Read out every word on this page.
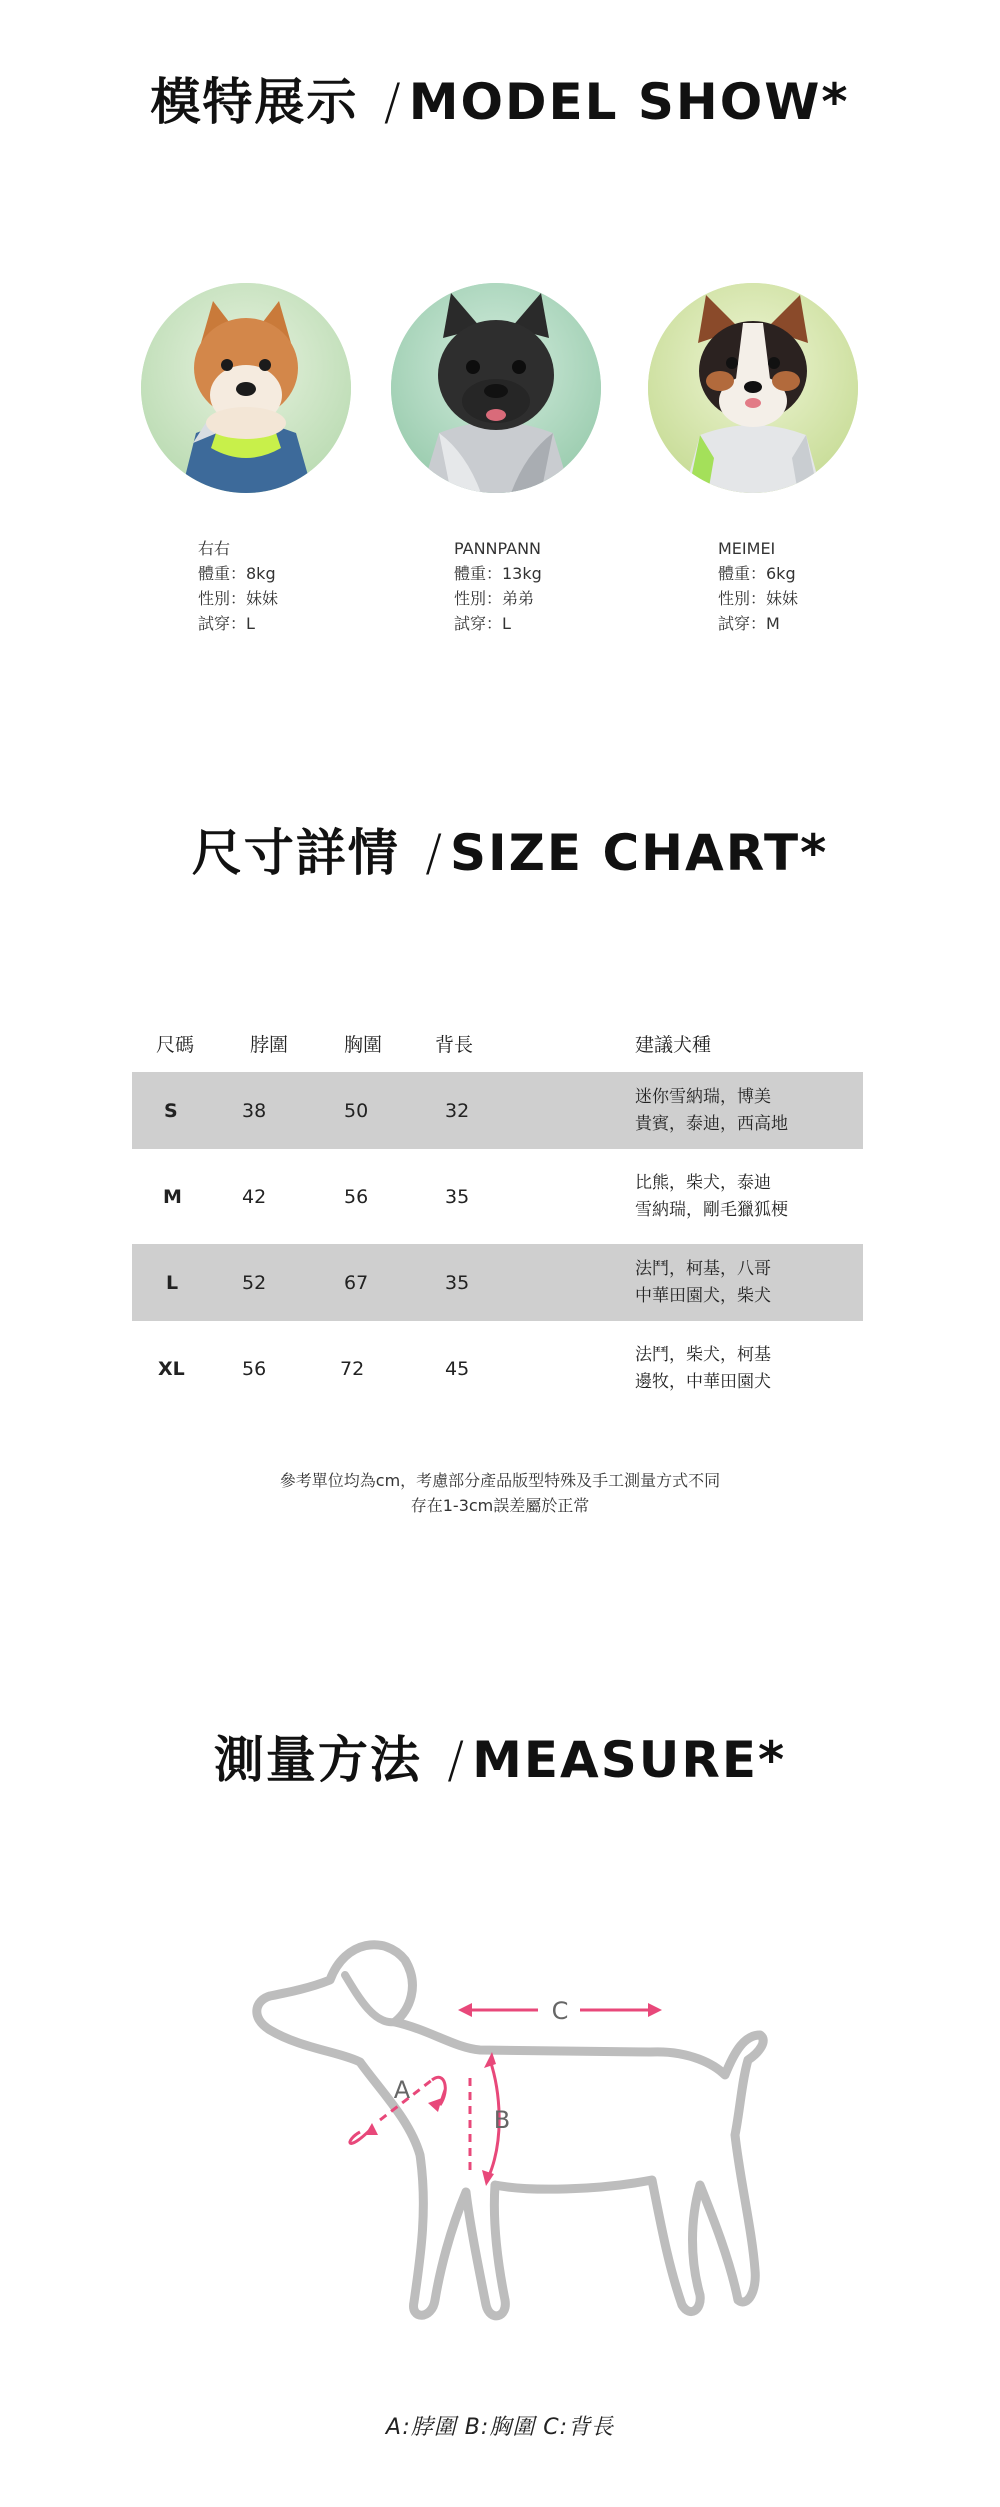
模特展示 / MODEL SHOW*
右右
體重：8kg
性別：妹妹
試穿：L
PANNPANN
體重：13kg
性別：弟弟
試穿：L
MEIMEI
體重：6kg
性別：妹妹
試穿：M
尺寸詳情 / SIZE CHART*
尺碼	脖圍	胸圍	背長	建議犬種
S	38	50	32
迷你雪納瑞，博美
貴賓，泰迪，西高地
M	42	56	35
比熊，柴犬，泰迪
雪納瑞，剛毛獵狐梗
L	52	67	35
法鬥，柯基，八哥
中華田園犬，柴犬
XL	56	72	45
法鬥，柴犬，柯基
邊牧，中華田園犬
參考單位均為cm，考慮部分產品版型特殊及手工測量方式不同
存在1-3cm誤差屬於正常
測量方法 / MEASURE*
A
B
C
A:脖圍 B:胸圍 C:背長
